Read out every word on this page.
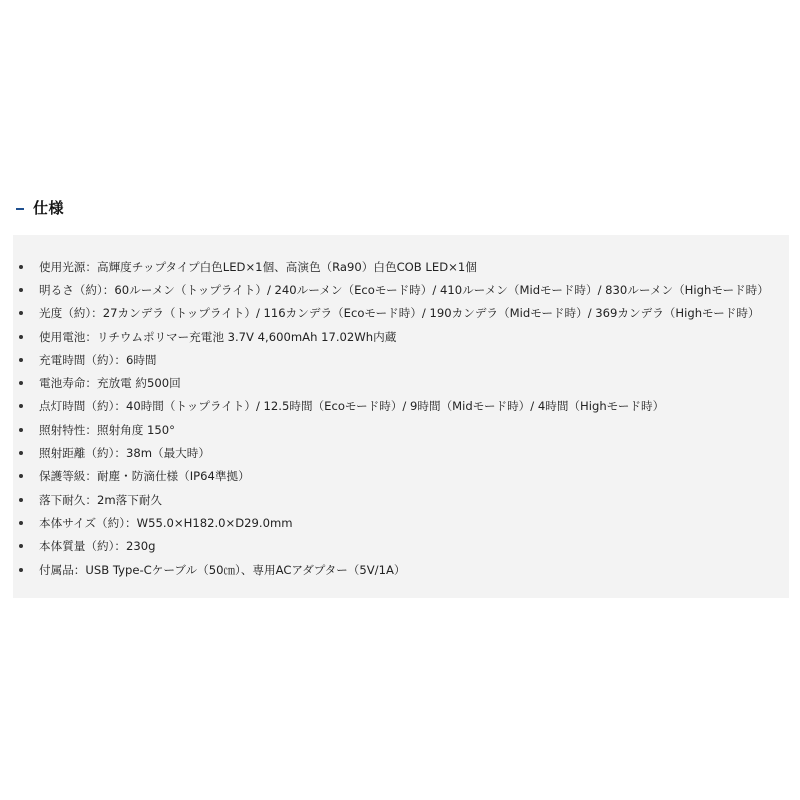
仕様
使用光源：高輝度チップタイプ白色LED×1個、高演色（Ra90）白色COB LED×1個
明るさ（約）：60ルーメン（トップライト）/ 240ルーメン（Ecoモード時）/ 410ルーメン（Midモード時）/ 830ルーメン（Highモード時）
光度（約）：27カンデラ（トップライト）/ 116カンデラ（Ecoモード時）/ 190カンデラ（Midモード時）/ 369カンデラ（Highモード時）
使用電池：リチウムポリマー充電池 3.7V 4,600mAh 17.02Wh内蔵
充電時間（約）：6時間
電池寿命：充放電 約500回
点灯時間（約）：40時間（トップライト）/ 12.5時間（Ecoモード時）/ 9時間（Midモード時）/ 4時間（Highモード時）
照射特性：照射角度 150°
照射距離（約）：38m（最大時）
保護等級：耐塵・防滴仕様（IP64準拠）
落下耐久：2m落下耐久
本体サイズ（約）：W55.0×H182.0×D29.0mm
本体質量（約）：230g
付属品：USB Type-Cケーブル（50㎝）、専用ACアダプター（5V/1A）
